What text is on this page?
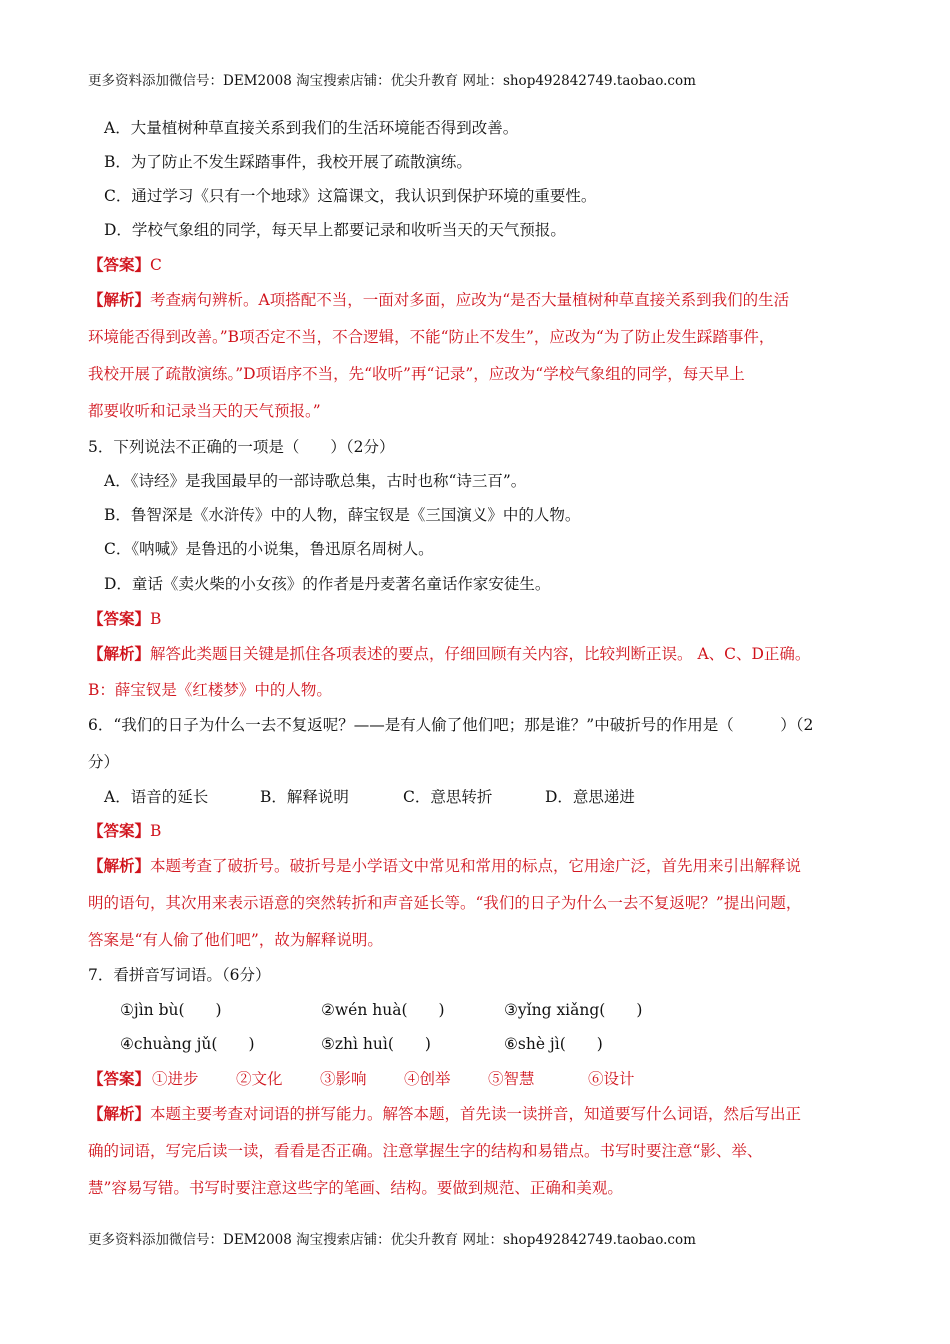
更多资料添加微信号：DEM2008 淘宝搜索店铺：优尖升教育 网址：shop492842749.taobao.com
A．大量植树种草直接关系到我们的生活环境能否得到改善。
B．为了防止不发生踩踏事件，我校开展了疏散演练。
C．通过学习《只有一个地球》这篇课文，我认识到保护环境的重要性。
D．学校气象组的同学，每天早上都要记录和收听当天的天气预报。
【答案】C
【解析】考查病句辨析。A项搭配不当，一面对多面，应改为“是否大量植树种草直接关系到我们的生活
环境能否得到改善。”B项否定不当，不合逻辑，不能“防止不发生”，应改为“为了防止发生踩踏事件，
我校开展了疏散演练。”D项语序不当，先“收听”再“记录”，应改为“学校气象组的同学，每天早上
都要收听和记录当天的天气预报。”
5．下列说法不正确的一项是（　　）（2分）
A．《诗经》是我国最早的一部诗歌总集，古时也称“诗三百”。
B．鲁智深是《水浒传》中的人物，薛宝钗是《三国演义》中的人物。
C．《呐喊》是鲁迅的小说集，鲁迅原名周树人。
D．童话《卖火柴的小女孩》的作者是丹麦著名童话作家安徒生。
【答案】B
【解析】解答此类题目关键是抓住各项表述的要点，仔细回顾有关内容，比较判断正误。 A、C、D正确。
B：薛宝钗是《红楼梦》中的人物。
6．“我们的日子为什么一去不复返呢？——是有人偷了他们吧；那是谁？”中破折号的作用是（　　　）（2
分）
A．语音的延长	B．解释说明	C．意思转折	D．意思递进
【答案】B
【解析】本题考查了破折号。破折号是小学语文中常见和常用的标点，它用途广泛，首先用来引出解释说
明的语句，其次用来表示语意的突然转折和声音延长等。“我们的日子为什么一去不复返呢？”提出问题，
答案是“有人偷了他们吧”，故为解释说明。
7．看拼音写词语。（6分）
①jìn bù(　　)	②wén huà(　　)	③yǐng xiǎng(　　)
④chuàng jǔ(　　)	⑤zhì huì(　　)	⑥shè jì(　　)
【答案】 ①进步 ②文化 ③影响 ④创举 ⑤智慧	⑥设计
【解析】本题主要考查对词语的拼写能力。解答本题，首先读一读拼音，知道要写什么词语，然后写出正
确的词语，写完后读一读，看看是否正确。注意掌握生字的结构和易错点。书写时要注意“影、举、
慧”容易写错。书写时要注意这些字的笔画、结构。要做到规范、正确和美观。
更多资料添加微信号：DEM2008 淘宝搜索店铺：优尖升教育 网址：shop492842749.taobao.com
